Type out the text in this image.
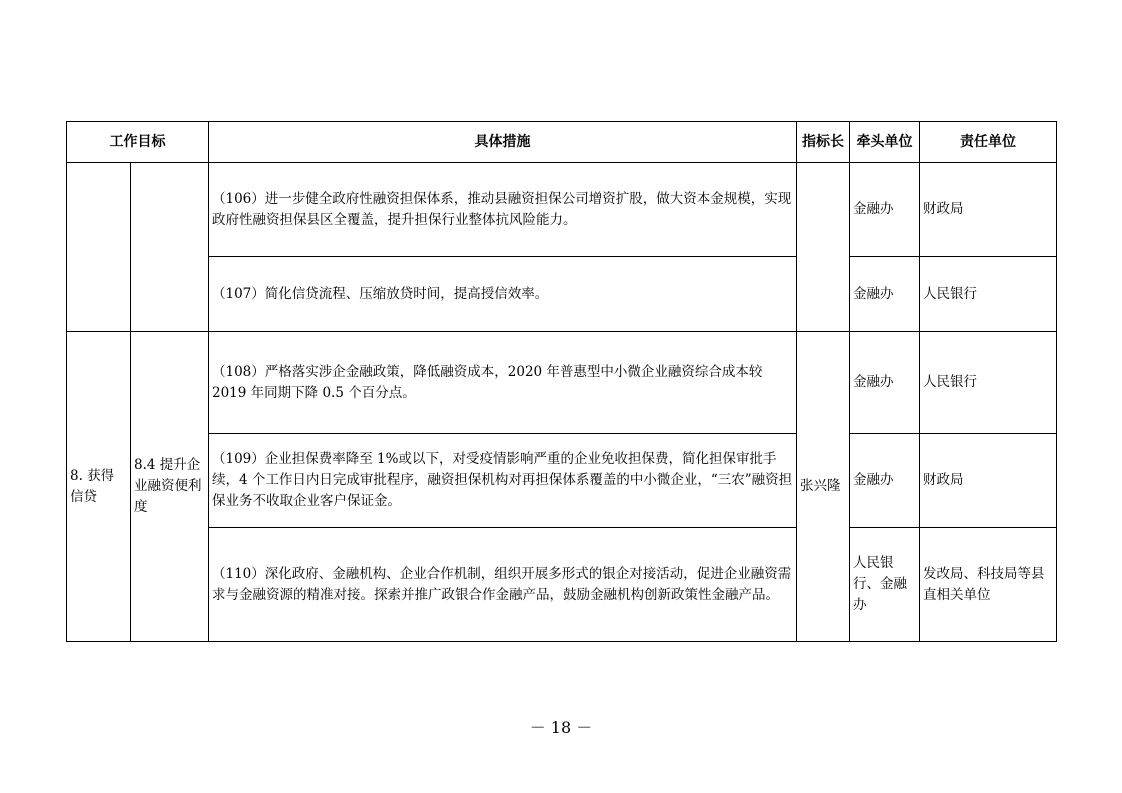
工作目标		具体措施	指标长	牵头单位	责任单位
		（106）进一步健全政府性融资担保体系，推动县融资担保公司增资扩股，做大资本金规模，实现政府性融资担保县区全覆盖，提升担保行业整体抗风险能力。		金融办	财政局
		（107）简化信贷流程、压缩放贷时间，提高授信效率。		金融办	人民银行
8. 获得信贷	8.4 提升企业融资便利度	（108）严格落实涉企金融政策，降低融资成本，2020 年普惠型中小微企业融资综合成本较2019 年同期下降 0.5 个百分点。	张兴隆	金融办	人民银行
		（109）企业担保费率降至 1%或以下，对受疫情影响严重的企业免收担保费，简化担保审批手续，4 个工作日内日完成审批程序，融资担保机构对再担保体系覆盖的中小微企业，“三农”融资担保业务不收取企业客户保证金。		金融办	财政局
		（110）深化政府、金融机构、企业合作机制，组织开展多形式的银企对接活动，促进企业融资需求与金融资源的精准对接。探索并推广政银合作金融产品，鼓励金融机构创新政策性金融产品。		人民银行、金融办	发改局、科技局等县直相关单位
－ 18 －
